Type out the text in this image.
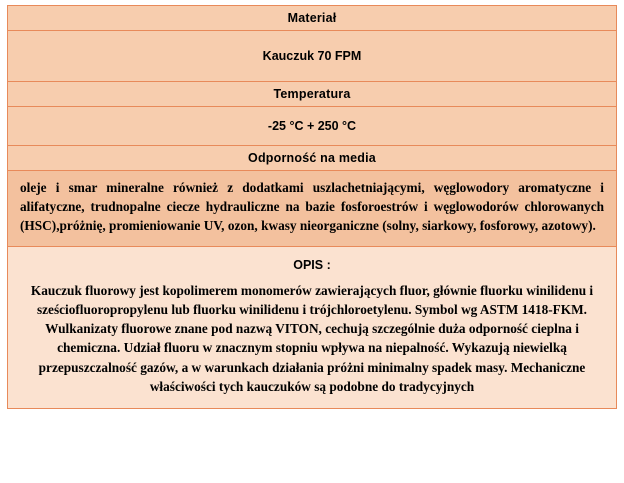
Materiał
Kauczuk 70 FPM
Temperatura
-25 °C + 250 °C
Odporność na media
oleje i smar mineralne również z dodatkami uszlachetniającymi, węglowodory aromatyczne i alifatyczne, trudnopalne ciecze hydrauliczne na bazie fosforoestrów i węglowodorów chlorowanych (HSC),próżnię, promieniowanie UV, ozon, kwasy nieorganiczne (solny, siarkowy, fosforowy, azotowy).
OPIS :
Kauczuk fluorowy jest kopolimerem monomerów zawierających fluor, głównie fluorku winilidenu i sześciofluoropropylenu lub fluorku winilidenu i trójchloroetylenu. Symbol wg ASTM 1418-FKM. Wulkanizaty fluorowe znane pod nazwą VITON, cechują szczególnie duża odporność cieplna i chemiczna. Udział fluoru w znacznym stopniu wpływa na niepalność. Wykazują niewielką przepuszczalność gazów, a w warunkach działania próżni minimalny spadek masy. Mechaniczne właściwości tych kauczuków są podobne do tradycyjnych
